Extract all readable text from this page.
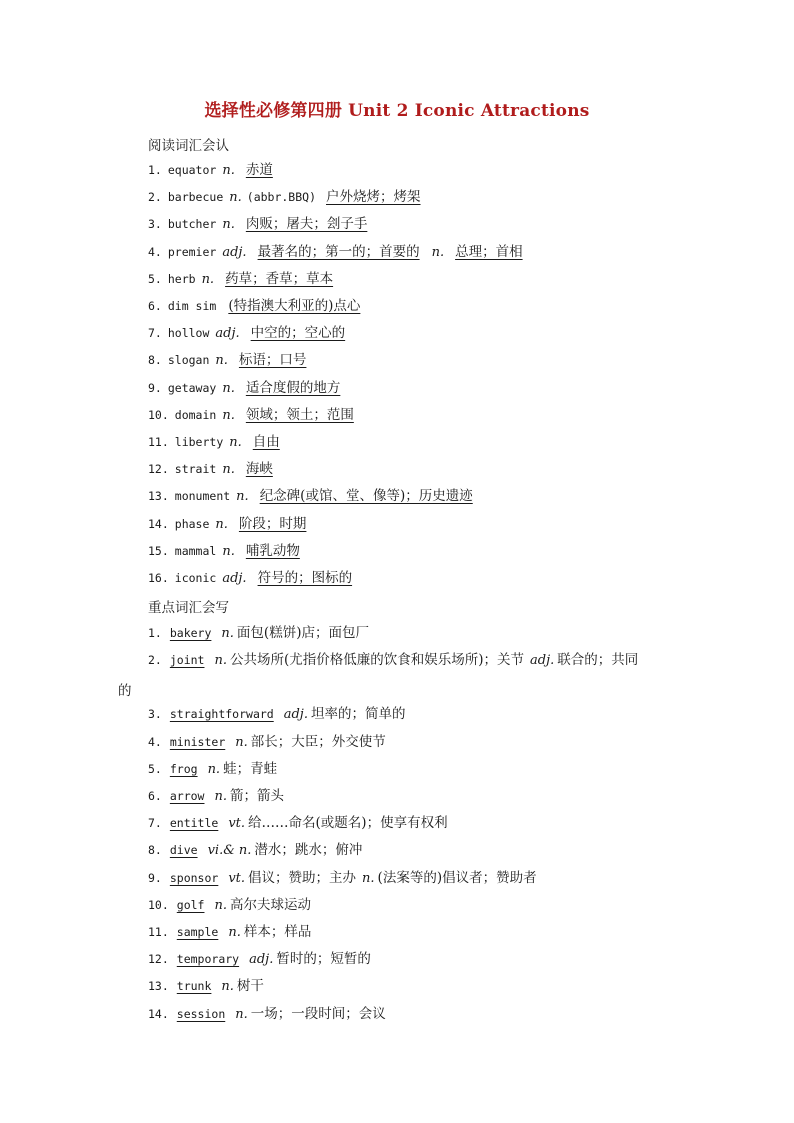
选择性必修第四册 Unit 2 Iconic Attractions
阅读词汇会认
1. equator n. 赤道
2. barbecue n. (abbr.BBQ) 户外烧烤；烤架
3. butcher n. 肉贩；屠夫；刽子手
4. premier adj. 最著名的；第一的；首要的 n. 总理；首相
5. herb n. 药草；香草；草本
6. dim sim (特指澳大利亚的)点心
7. hollow adj. 中空的；空心的
8. slogan n. 标语；口号
9. getaway n. 适合度假的地方
10. domain n. 领域；领土；范围
11. liberty n. 自由
12. strait n. 海峡
13. monument n. 纪念碑(或馆、堂、像等)；历史遗迹
14. phase n. 阶段；时期
15. mammal n. 哺乳动物
16. iconic adj. 符号的；图标的
重点词汇会写
1. bakery n. 面包(糕饼)店；面包厂
2. joint n. 公共场所(尤指价格低廉的饮食和娱乐场所)；关节 adj. 联合的；共同
3. straightforward adj. 坦率的；简单的
4. minister n. 部长；大臣；外交使节
5. frog n. 蛙；青蛙
6. arrow n. 箭；箭头
7. entitle vt. 给……命名(或题名)；使享有权利
8. dive vi.& n. 潜水；跳水；俯冲
9. sponsor vt. 倡议；赞助；主办 n. (法案等的)倡议者；赞助者
10. golf n. 高尔夫球运动
11. sample n. 样本；样品
12. temporary adj. 暂时的；短暂的
13. trunk n. 树干
14. session n. 一场；一段时间；会议
的
